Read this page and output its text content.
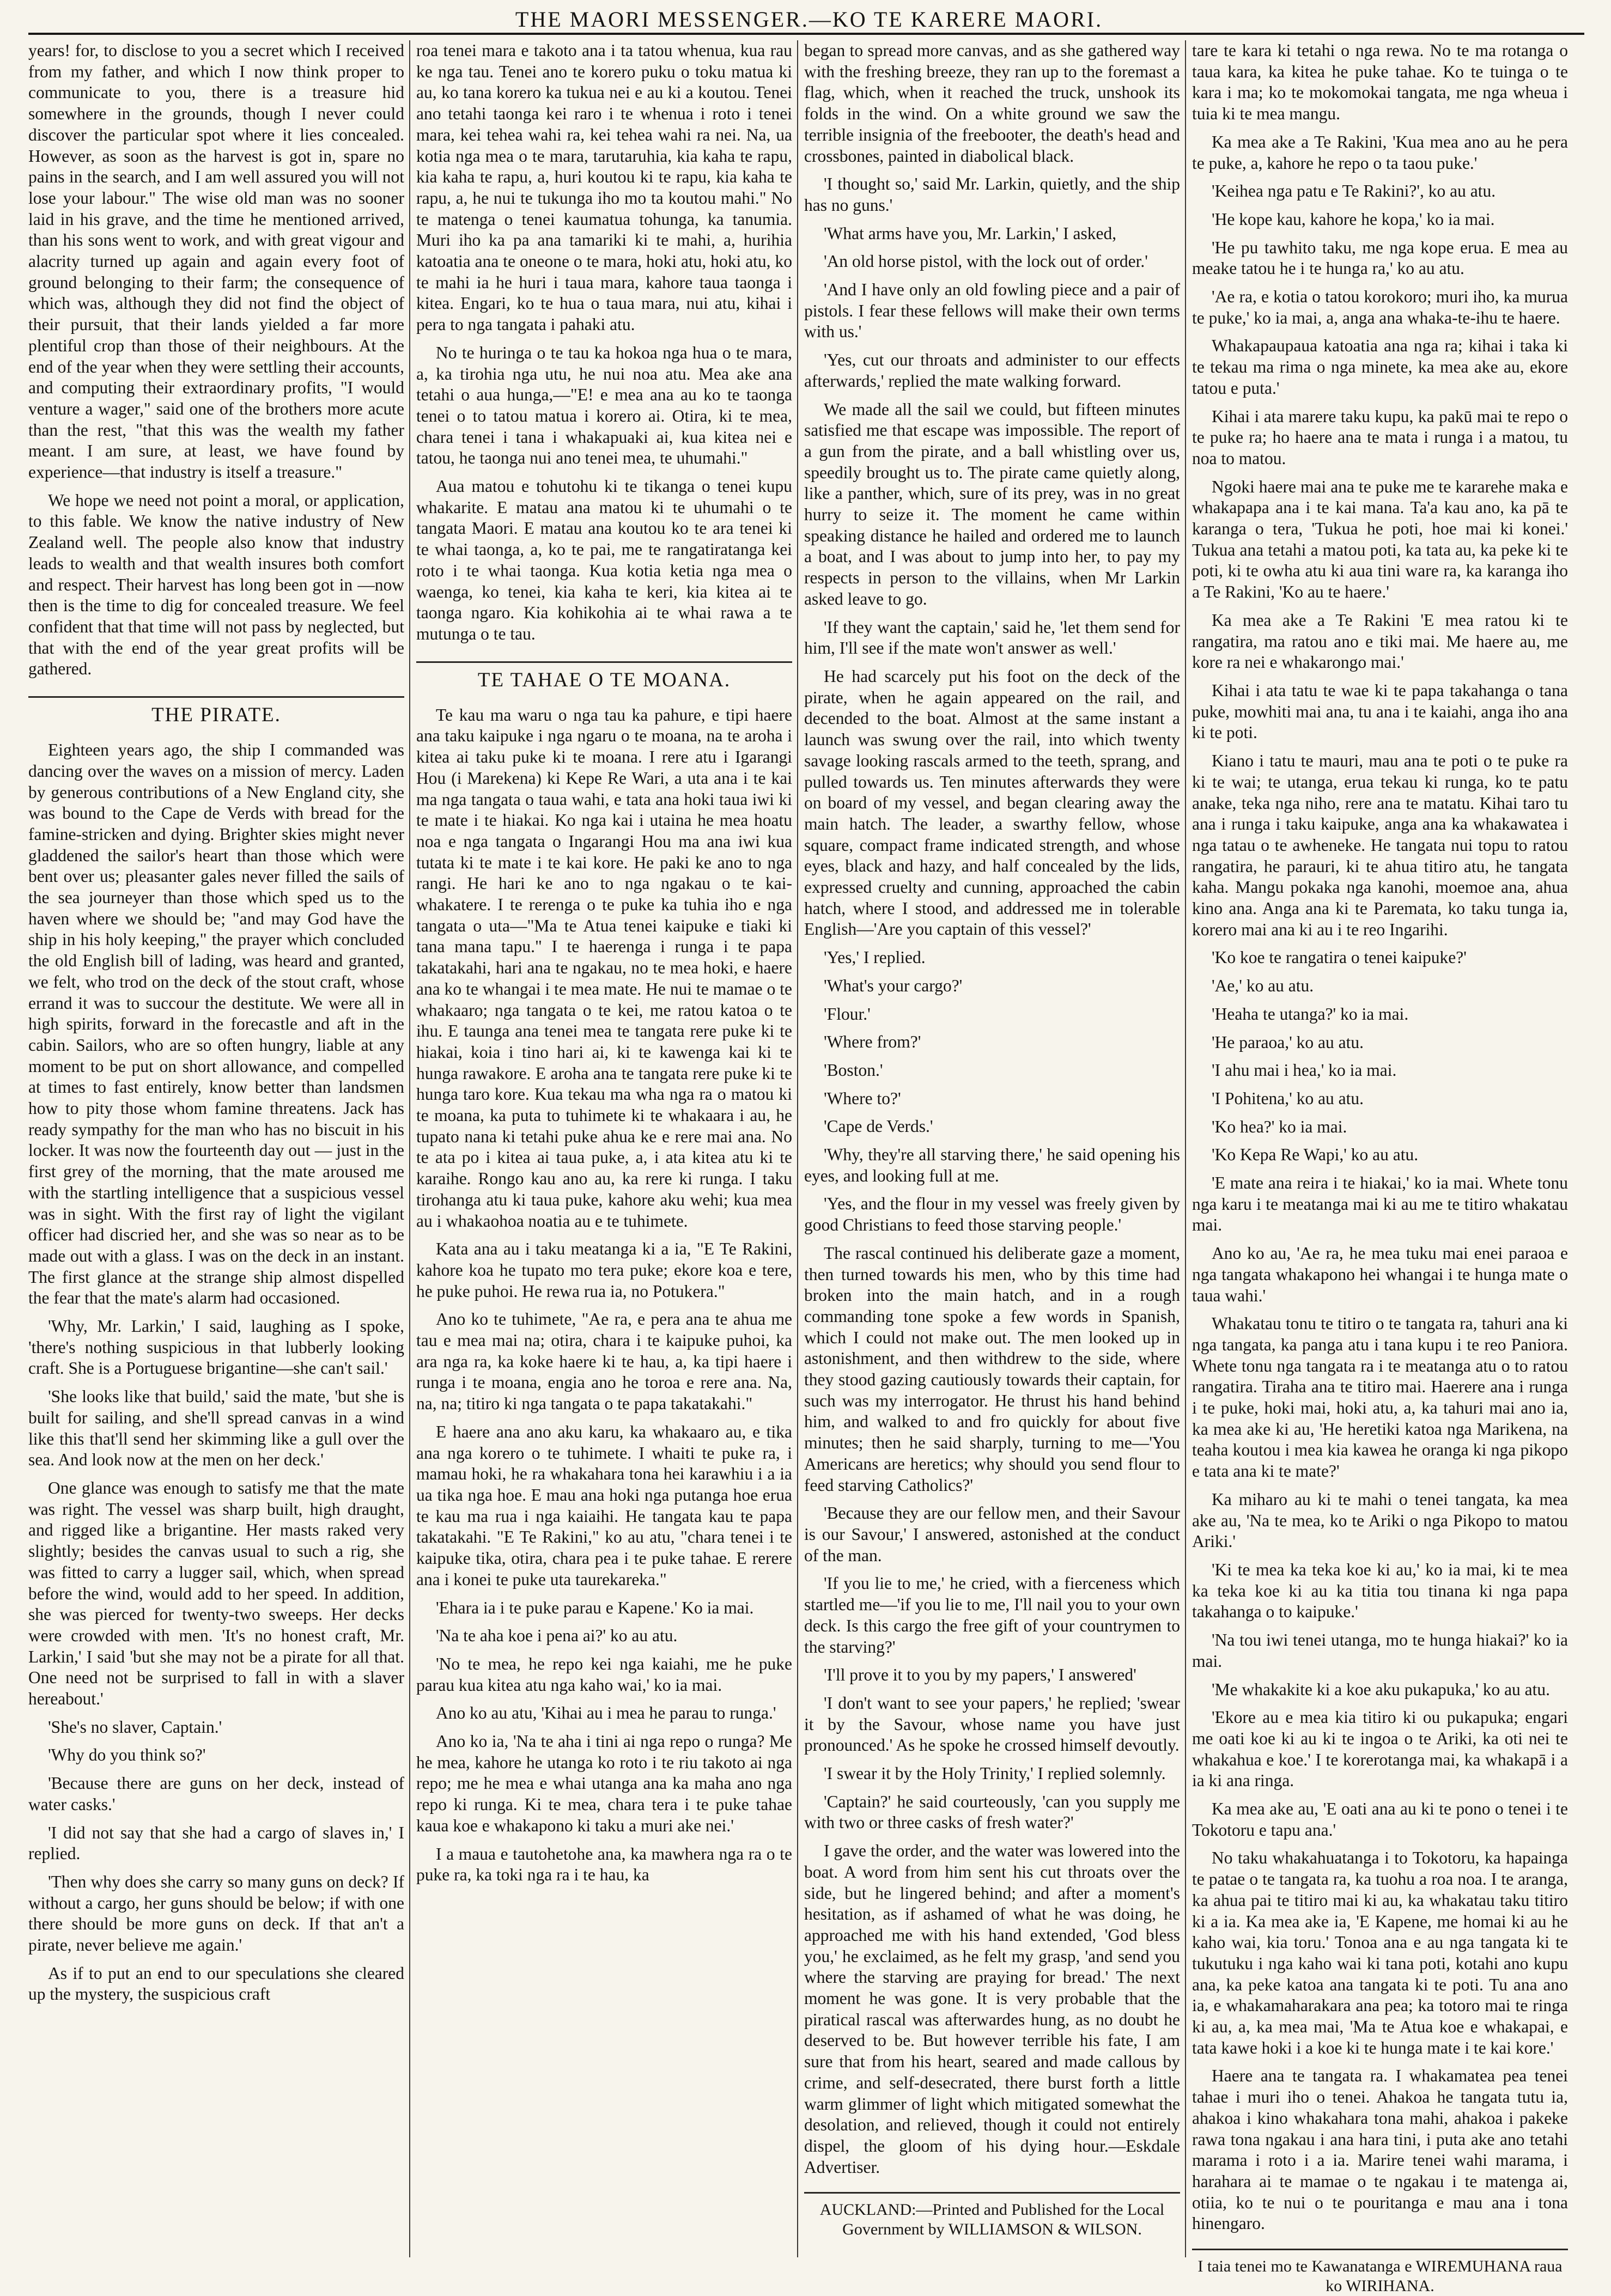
THE MAORI MESSENGER.—KO TE KARERE MAORI.

years! for, to disclose to you a secret which I received from my father, and which I now think proper to communicate to you, there is a treasure hid somewhere in the grounds, though I never could discover the particular spot where it lies concealed. However, as soon as the harvest is got in, spare no pains in the search, and I am well assured you will not lose your labour." The wise old man was no sooner laid in his grave, and the time he mentioned arrived, than his sons went to work, and with great vigour and alacrity turned up again and again every foot of ground belonging to their farm; the consequence of which was, although they did not find the object of their pursuit, that their lands yielded a far more plentiful crop than those of their neighbours. At the end of the year when they were settling their accounts, and computing their extraordinary profits, "I would venture a wager," said one of the brothers more acute than the rest, "that this was the wealth my father meant. I am sure, at least, we have found by experience—that industry is itself a treasure."

We hope we need not point a moral, or application, to this fable. We know the native industry of New Zealand well. The people also know that industry leads to wealth and that wealth insures both comfort and respect. Their harvest has long been got in —now then is the time to dig for concealed treasure. We feel confident that that time will not pass by neglected, but that with the end of the year great profits will be gathered.

THE PIRATE.

Eighteen years ago, the ship I commanded was dancing over the waves on a mission of mercy. Laden by generous contributions of a New England city, she was bound to the Cape de Verds with bread for the famine-stricken and dying. Brighter skies might never gladdened the sailor's heart than those which were bent over us; pleasanter gales never filled the sails of the sea journeyer than those which sped us to the haven where we should be; "and may God have the ship in his holy keeping," the prayer which concluded the old English bill of lading, was heard and granted, we felt, who trod on the deck of the stout craft, whose errand it was to succour the destitute. We were all in high spirits, forward in the forecastle and aft in the cabin. Sailors, who are so often hungry, liable at any moment to be put on short allowance, and compelled at times to fast entirely, know better than landsmen how to pity those whom famine threatens. Jack has ready sympathy for the man who has no biscuit in his locker. It was now the fourteenth day out — just in the first grey of the morning, that the mate aroused me with the startling intelligence that a suspicious vessel was in sight. With the first ray of light the vigilant officer had discried her, and she was so near as to be made out with a glass. I was on the deck in an instant. The first glance at the strange ship almost dispelled the fear that the mate's alarm had occasioned.

'Why, Mr. Larkin,' I said, laughing as I spoke, 'there's nothing suspicious in that lubberly looking craft. She is a Portuguese brigantine—she can't sail.'

'She looks like that build,' said the mate, 'but she is built for sailing, and she'll spread canvas in a wind like this that'll send her skimming like a gull over the sea. And look now at the men on her deck.'

One glance was enough to satisfy me that the mate was right. The vessel was sharp built, high draught, and rigged like a brigantine. Her masts raked very slightly; besides the canvas usual to such a rig, she was fitted to carry a lugger sail, which, when spread before the wind, would add to her speed. In addition, she was pierced for twenty-two sweeps. Her decks were crowded with men. 'It's no honest craft, Mr. Larkin,' I said 'but she may not be a pirate for all that. One need not be surprised to fall in with a slaver hereabout.'

'She's no slaver, Captain.'

'Why do you think so?'

'Because there are guns on her deck, instead of water casks.'

'I did not say that she had a cargo of slaves in,' I replied.

'Then why does she carry so many guns on deck? If without a cargo, her guns should be below; if with one there should be more guns on deck. If that an't a pirate, never believe me again.'

As if to put an end to our speculations she cleared up the mystery, the suspicious craft

roa tenei mara e takoto ana i ta tatou whenua, kua rau ke nga tau. Tenei ano te korero puku o toku matua ki au, ko tana korero ka tukua nei e au ki a koutou. Tenei ano tetahi taonga kei raro i te whenua i roto i tenei mara, kei tehea wahi ra, kei tehea wahi ra nei. Na, ua kotia nga mea o te mara, tarutaruhia, kia kaha te rapu, kia kaha te rapu, a, huri koutou ki te rapu, kia kaha te rapu, a, he nui te tukunga iho mo ta koutou mahi." No te matenga o tenei kaumatua tohunga, ka tanumia. Muri iho ka pa ana tamariki ki te mahi, a, hurihia katoatia ana te oneone o te mara, hoki atu, hoki atu, ko te mahi ia he huri i taua mara, kahore taua taonga i kitea. Engari, ko te hua o taua mara, nui atu, kihai i pera to nga tangata i pahaki atu.

No te huringa o te tau ka hokoa nga hua o te mara, a, ka tirohia nga utu, he nui noa atu. Mea ake ana tetahi o aua hunga,—"E! e mea ana au ko te taonga tenei o to tatou matua i korero ai. Otira, ki te mea, chara tenei i tana i whakapuaki ai, kua kitea nei e tatou, he taonga nui ano tenei mea, te uhumahi."

Aua matou e tohutohu ki te tikanga o tenei kupu whakarite. E matau ana matou ki te uhumahi o te tangata Maori. E matau ana koutou ko te ara tenei ki te whai taonga, a, ko te pai, me te rangatiratanga kei roto i te whai taonga. Kua kotia ketia nga mea o waenga, ko tenei, kia kaha te keri, kia kitea ai te taonga ngaro. Kia kohikohia ai te whai rawa a te mutunga o te tau.

TE TAHAE O TE MOANA.

Te kau ma waru o nga tau ka pahure, e tipi haere ana taku kaipuke i nga ngaru o te moana, na te aroha i kitea ai taku puke ki te moana. I rere atu i Igarangi Hou (i Marekena) ki Kepe Re Wari, a uta ana i te kai ma nga tangata o taua wahi, e tata ana hoki taua iwi ki te mate i te hiakai. Ko nga kai i utaina he mea hoatu noa e nga tangata o Ingarangi Hou ma ana iwi kua tutata ki te mate i te kai kore. He paki ke ano to nga rangi. He hari ke ano to nga ngakau o te kai-whakatere. I te rerenga o te puke ka tuhia iho e nga tangata o uta—"Ma te Atua tenei kaipuke e tiaki ki tana mana tapu." I te haerenga i runga i te papa takatakahi, hari ana te ngakau, no te mea hoki, e haere ana ko te whangai i te mea mate. He nui te mamae o te whakaaro; nga tangata o te kei, me ratou katoa o te ihu. E taunga ana tenei mea te tangata rere puke ki te hiakai, koia i tino hari ai, ki te kawenga kai ki te hunga rawakore. E aroha ana te tangata rere puke ki te hunga taro kore. Kua tekau ma wha nga ra o matou ki te moana, ka puta to tuhimete ki te whakaara i au, he tupato nana ki tetahi puke ahua ke e rere mai ana. No te ata po i kitea ai taua puke, a, i ata kitea atu ki te karaihe. Rongo kau ano au, ka rere ki runga. I taku tirohanga atu ki taua puke, kahore aku wehi; kua mea au i whakaohoa noatia au e te tuhimete.

Kata ana au i taku meatanga ki a ia, "E Te Rakini, kahore koa he tupato mo tera puke; ekore koa e tere, he puke puhoi. He rewa rua ia, no Potukera."

Ano ko te tuhimete, "Ae ra, e pera ana te ahua me tau e mea mai na; otira, chara i te kaipuke puhoi, ka ara nga ra, ka koke haere ki te hau, a, ka tipi haere i runga i te moana, engia ano he toroa e rere ana. Na, na, na; titiro ki nga tangata o te papa takatakahi."

E haere ana ano aku karu, ka whakaaro au, e tika ana nga korero o te tuhimete. I whaiti te puke ra, i mamau hoki, he ra whakahara tona hei karawhiu i a ia ua tika nga hoe. E mau ana hoki nga putanga hoe erua te kau ma rua i nga kaiaihi. He tangata kau te papa takatakahi. "E Te Rakini," ko au atu, "chara tenei i te kaipuke tika, otira, chara pea i te puke tahae. E rerere ana i konei te puke uta taurekareka."

'Ehara ia i te puke parau e Kapene.' Ko ia mai.

'Na te aha koe i pena ai?' ko au atu.

'No te mea, he repo kei nga kaiahi, me he puke parau kua kitea atu nga kaho wai,' ko ia mai.

Ano ko au atu, 'Kihai au i mea he parau to runga.'

Ano ko ia, 'Na te aha i tini ai nga repo o runga? Me he mea, kahore he utanga ko roto i te riu takoto ai nga repo; me he mea e whai utanga ana ka maha ano nga repo ki runga. Ki te mea, chara tera i te puke tahae kaua koe e whakapono ki taku a muri ake nei.'

I a maua e tautohetohe ana, ka mawhera nga ra o te puke ra, ka toki nga ra i te hau, ka

began to spread more canvas, and as she gathered way with the freshing breeze, they ran up to the foremast a flag, which, when it reached the truck, unshook its folds in the wind. On a white ground we saw the terrible insignia of the freebooter, the death's head and crossbones, painted in diabolical black.

'I thought so,' said Mr. Larkin, quietly, and the ship has no guns.'

'What arms have you, Mr. Larkin,' I asked,

'An old horse pistol, with the lock out of order.'

'And I have only an old fowling piece and a pair of pistols. I fear these fellows will make their own terms with us.'

'Yes, cut our throats and administer to our effects afterwards,' replied the mate walking forward.

We made all the sail we could, but fifteen minutes satisfied me that escape was impossible. The report of a gun from the pirate, and a ball whistling over us, speedily brought us to. The pirate came quietly along, like a panther, which, sure of its prey, was in no great hurry to seize it. The moment he came within speaking distance he hailed and ordered me to launch a boat, and I was about to jump into her, to pay my respects in person to the villains, when Mr Larkin asked leave to go.

'If they want the captain,' said he, 'let them send for him, I'll see if the mate won't answer as well.'

He had scarcely put his foot on the deck of the pirate, when he again appeared on the rail, and decended to the boat. Almost at the same instant a launch was swung over the rail, into which twenty savage looking rascals armed to the teeth, sprang, and pulled towards us. Ten minutes afterwards they were on board of my vessel, and began clearing away the main hatch. The leader, a swarthy fellow, whose square, compact frame indicated strength, and whose eyes, black and hazy, and half concealed by the lids, expressed cruelty and cunning, approached the cabin hatch, where I stood, and addressed me in tolerable English—'Are you captain of this vessel?'

'Yes,' I replied.

'What's your cargo?'

'Flour.'

'Where from?'

'Boston.'

'Where to?'

'Cape de Verds.'

'Why, they're all starving there,' he said opening his eyes, and looking full at me.

'Yes, and the flour in my vessel was freely given by good Christians to feed those starving people.'

The rascal continued his deliberate gaze a moment, then turned towards his men, who by this time had broken into the main hatch, and in a rough commanding tone spoke a few words in Spanish, which I could not make out. The men looked up in astonishment, and then withdrew to the side, where they stood gazing cautiously towards their captain, for such was my interrogator. He thrust his hand behind him, and walked to and fro quickly for about five minutes; then he said sharply, turning to me—'You Americans are heretics; why should you send flour to feed starving Catholics?'

'Because they are our fellow men, and their Savour is our Savour,' I answered, astonished at the conduct of the man.

'If you lie to me,' he cried, with a fierceness which startled me—'if you lie to me, I'll nail you to your own deck. Is this cargo the free gift of your countrymen to the starving?'

'I'll prove it to you by my papers,' I answered'

'I don't want to see your papers,' he replied; 'swear it by the Savour, whose name you have just pronounced.' As he spoke he crossed himself devoutly.

'I swear it by the Holy Trinity,' I replied solemnly.

'Captain?' he said courteously, 'can you supply me with two or three casks of fresh water?'

I gave the order, and the water was lowered into the boat. A word from him sent his cut throats over the side, but he lingered behind; and after a moment's hesitation, as if ashamed of what he was doing, he approached me with his hand extended, 'God bless you,' he exclaimed, as he felt my grasp, 'and send you where the starving are praying for bread.' The next moment he was gone. It is very probable that the piratical rascal was afterwardes hung, as no doubt he deserved to be. But however terrible his fate, I am sure that from his heart, seared and made callous by crime, and self-desecrated, there burst forth a little warm glimmer of light which mitigated somewhat the desolation, and relieved, though it could not entirely dispel, the gloom of his dying hour.—Eskdale Advertiser.

AUCKLAND:—Printed and Published for the Local Government by WILLIAMSON & WILSON.

tare te kara ki tetahi o nga rewa. No te ma rotanga o taua kara, ka kitea he puke tahae. Ko te tuinga o te kara i ma; ko te mokomokai tangata, me nga wheua i tuia ki te mea mangu.

Ka mea ake a Te Rakini, 'Kua mea ano au he pera te puke, a, kahore he repo o ta taou puke.'

'Keihea nga patu e Te Rakini?', ko au atu.

'He kope kau, kahore he kopa,' ko ia mai.

'He pu tawhito taku, me nga kope erua. E mea au meake tatou he i te hunga ra,' ko au atu.

'Ae ra, e kotia o tatou korokoro; muri iho, ka murua te puke,' ko ia mai, a, anga ana whaka-te-ihu te haere.

Whakapaupaua katoatia ana nga ra; kihai i taka ki te tekau ma rima o nga minete, ka mea ake au, ekore tatou e puta.'

Kihai i ata marere taku kupu, ka pakū mai te repo o te puke ra; ho haere ana te mata i runga i a matou, tu noa to matou.

Ngoki haere mai ana te puke me te kararehe maka e whakapapa ana i te kai mana. Ta'a kau ano, ka pā te karanga o tera, 'Tukua he poti, hoe mai ki konei.' Tukua ana tetahi a matou poti, ka tata au, ka peke ki te poti, ki te owha atu ki aua tini ware ra, ka karanga iho a Te Rakini, 'Ko au te haere.'

Ka mea ake a Te Rakini 'E mea ratou ki te rangatira, ma ratou ano e tiki mai. Me haere au, me kore ra nei e whakarongo mai.'

Kihai i ata tatu te wae ki te papa takahanga o tana puke, mowhiti mai ana, tu ana i te kaiahi, anga iho ana ki te poti.

Kiano i tatu te mauri, mau ana te poti o te puke ra ki te wai; te utanga, erua tekau ki runga, ko te patu anake, teka nga niho, rere ana te matatu. Kihai taro tu ana i runga i taku kaipuke, anga ana ka whakawatea i nga tatau o te awheneke. He tangata nui topu to ratou rangatira, he parauri, ki te ahua titiro atu, he tangata kaha. Mangu pokaka nga kanohi, moemoe ana, ahua kino ana. Anga ana ki te Paremata, ko taku tunga ia, korero mai ana ki au i te reo Ingarihi.

'Ko koe te rangatira o tenei kaipuke?'

'Ae,' ko au atu.

'Heaha te utanga?' ko ia mai.

'He paraoa,' ko au atu.

'I ahu mai i hea,' ko ia mai.

'I Pohitena,' ko au atu.

'Ko hea?' ko ia mai.

'Ko Kepa Re Wapi,' ko au atu.

'E mate ana reira i te hiakai,' ko ia mai. Whete tonu nga karu i te meatanga mai ki au me te titiro whakatau mai.

Ano ko au, 'Ae ra, he mea tuku mai enei paraoa e nga tangata whakapono hei whangai i te hunga mate o taua wahi.'

Whakatau tonu te titiro o te tangata ra, tahuri ana ki nga tangata, ka panga atu i tana kupu i te reo Paniora. Whete tonu nga tangata ra i te meatanga atu o to ratou rangatira. Tiraha ana te titiro mai. Haerere ana i runga i te puke, hoki mai, hoki atu, a, ka tahuri mai ano ia, ka mea ake ki au, 'He heretiki katoa nga Marikena, na teaha koutou i mea kia kawea he oranga ki nga pikopo e tata ana ki te mate?'

Ka miharo au ki te mahi o tenei tangata, ka mea ake au, 'Na te mea, ko te Ariki o nga Pikopo to matou Ariki.'

'Ki te mea ka teka koe ki au,' ko ia mai, ki te mea ka teka koe ki au ka titia tou tinana ki nga papa takahanga o to kaipuke.'

'Na tou iwi tenei utanga, mo te hunga hiakai?' ko ia mai.

'Me whakakite ki a koe aku pukapuka,' ko au atu.

'Ekore au e mea kia titiro ki ou pukapuka; engari me oati koe ki au ki te ingoa o te Ariki, ka oti nei te whakahua e koe.' I te korerotanga mai, ka whakapā i a ia ki ana ringa.

Ka mea ake au, 'E oati ana au ki te pono o tenei i te Tokotoru e tapu ana.'

No taku whakahuatanga i to Tokotoru, ka hapainga te patae o te tangata ra, ka tuohu a roa noa. I te aranga, ka ahua pai te titiro mai ki au, ka whakatau taku titiro ki a ia. Ka mea ake ia, 'E Kapene, me homai ki au he kaho wai, kia toru.' Tonoa ana e au nga tangata ki te tukutuku i nga kaho wai ki tana poti, kotahi ano kupu ana, ka peke katoa ana tangata ki te poti. Tu ana ano ia, e whakamaharakara ana pea; ka totoro mai te ringa ki au, a, ka mea mai, 'Ma te Atua koe e whakapai, e tata kawe hoki i a koe ki te hunga mate i te kai kore.'

Haere ana te tangata ra. I whakamatea pea tenei tahae i muri iho o tenei. Ahakoa he tangata tutu ia, ahakoa i kino whakahara tona mahi, ahakoa i pakeke rawa tona ngakau i ana hara tini, i puta ake ano tetahi marama i roto i a ia. Marire tenei wahi marama, i harahara ai te mamae o te ngakau i te matenga ai, otiia, ko te nui o te pouritanga e mau ana i tona hinengaro.

I taia tenei mo te Kawanatanga e WIREMUHANA raua ko WIRIHANA.
